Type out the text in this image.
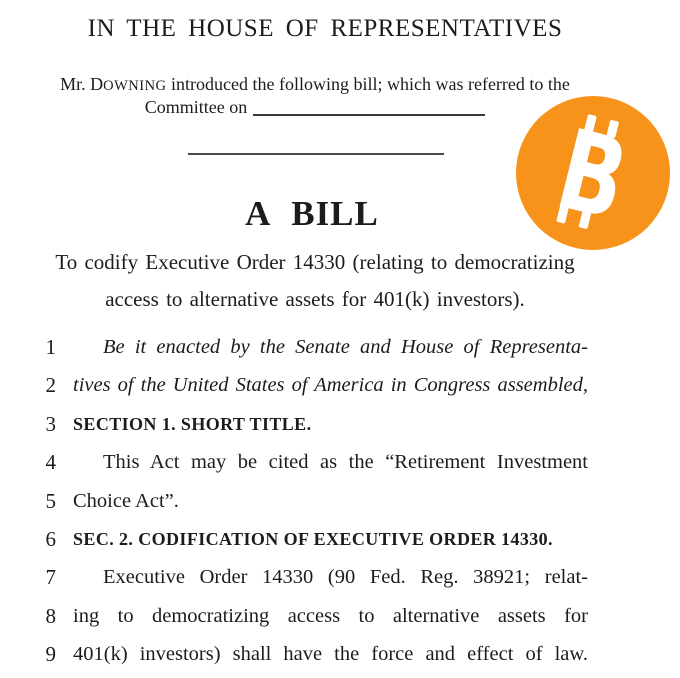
IN THE HOUSE OF REPRESENTATIVES
Mr. DOWNING introduced the following bill; which was referred to the
Committee on
A BILL
To codify Executive Order 14330 (relating to democratizing
access to alternative assets for 401(k) investors).
1	Be it enacted by the Senate and House of Representa-
2 tives of the United States of America in Congress assembled,
3 SECTION 1. SHORT TITLE.
4	This Act may be cited as the “Retirement Investment
5 Choice Act”.
6 SEC. 2. CODIFICATION OF EXECUTIVE ORDER 14330.
7	Executive Order 14330 (90 Fed. Reg. 38921; relat-
8 ing to democratizing access to alternative assets for
9 401(k) investors) shall have the force and effect of law.
B
